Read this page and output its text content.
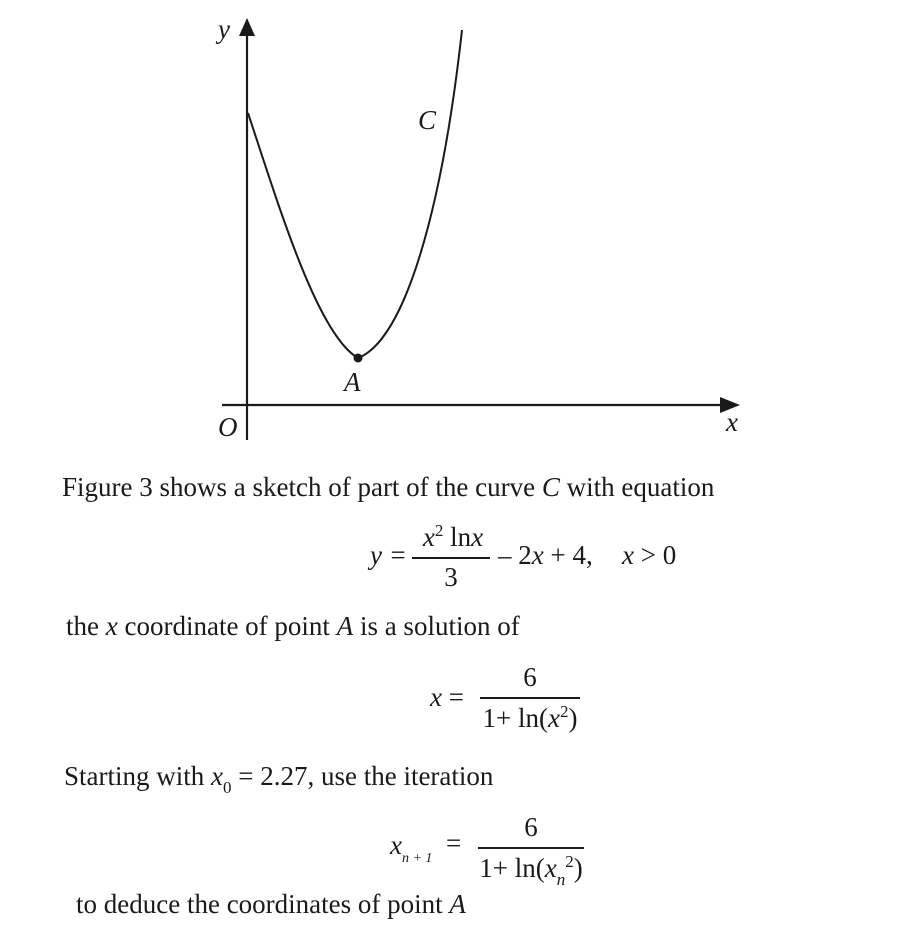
y
x
O
C
A
Figure 3 shows a sketch of part of the curve C with equation
y =
$x^2$ lnx
3
– 2x + 4, x > 0
the x coordinate of point A is a solution of
x =
6
$1+ \ln(x^2)$
Starting with $x_0 = 2.27$, use the iteration
$x_{n + 1}$
=
6
$1+ \ln(x_n^2)$
to deduce the coordinates of point A
